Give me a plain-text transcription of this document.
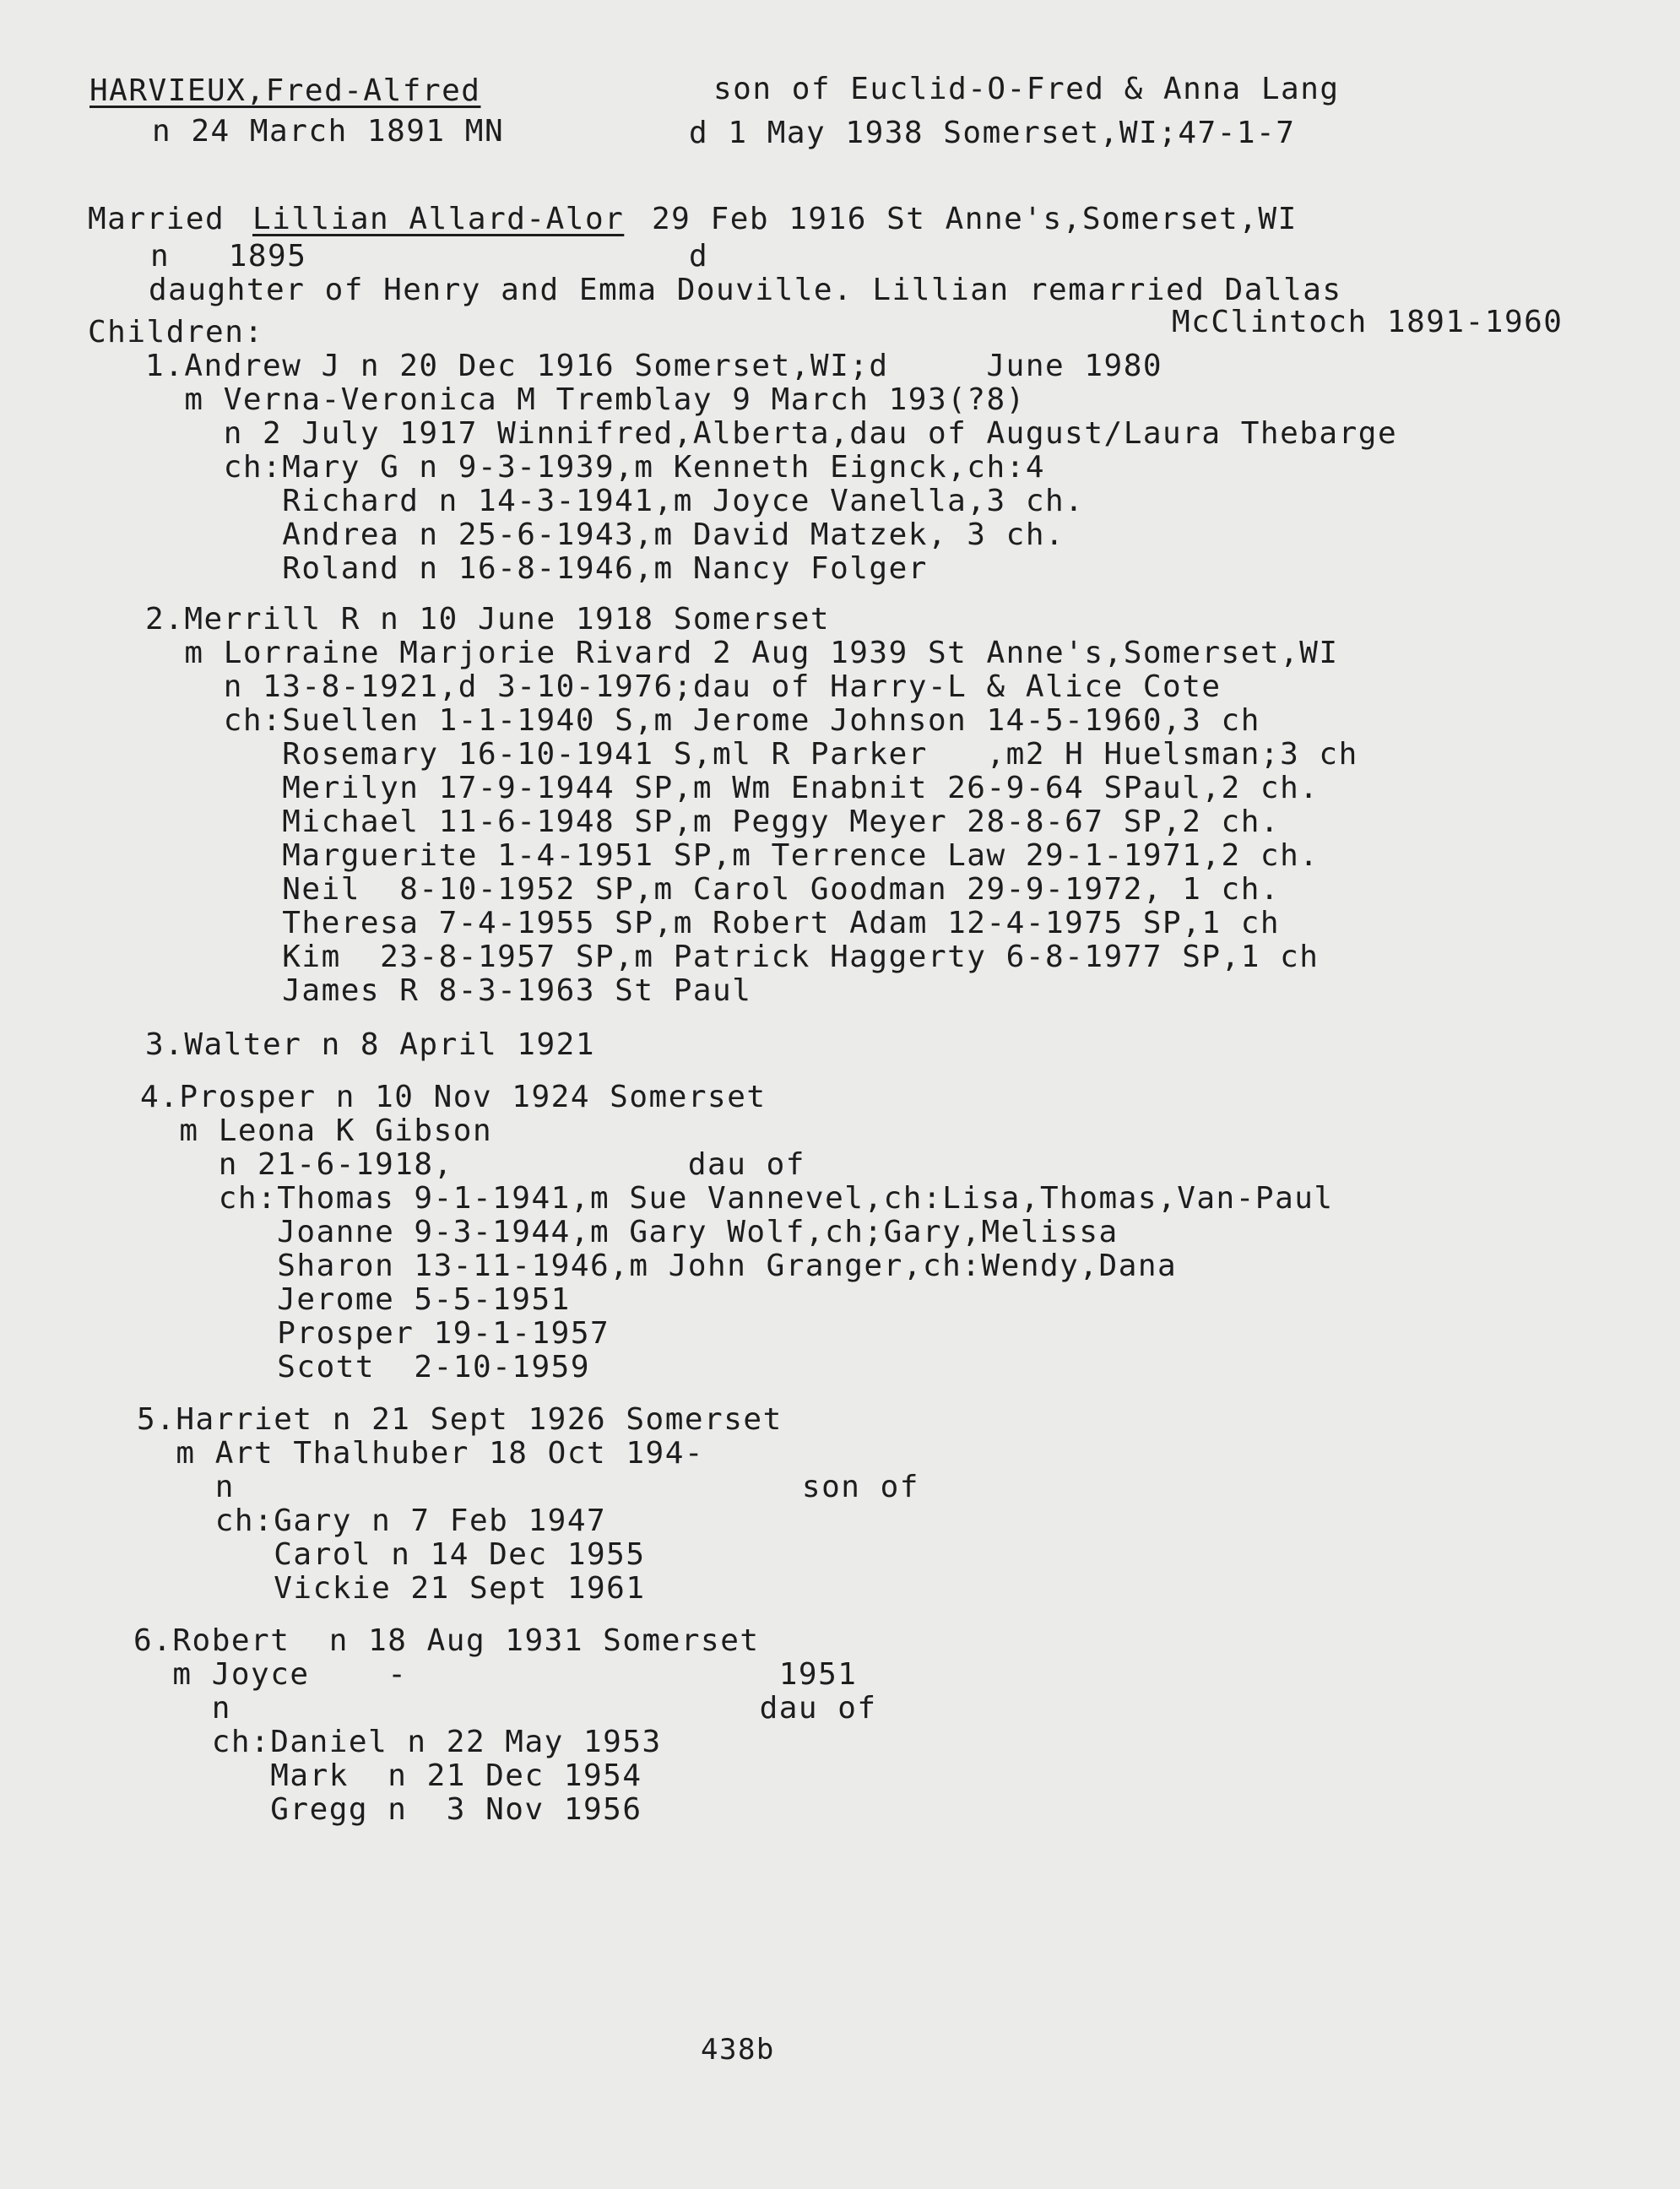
HARVIEUX,Fred-Alfred	son of Euclid-O-Fred & Anna Lang
n 24 March 1891 MN	d 1 May 1938 Somerset,WI;47-1-7
Married Lillian Allard-Alor 29 Feb 1916 St Anne's,Somerset,WI
n   1895	d
daughter of Henry and Emma Douville. Lillian remarried Dallas
McClintoch 1891-1960
Children:
1.Andrew J n 20 Dec 1916 Somerset,WI;d     June 1980
m Verna-Veronica M Tremblay 9 March 193(?8)
n 2 July 1917 Winnifred,Alberta,dau of August/Laura Thebarge
ch:Mary G n 9-3-1939,m Kenneth Eignck,ch:4
Richard n 14-3-1941,m Joyce Vanella,3 ch.
Andrea n 25-6-1943,m David Matzek, 3 ch.
Roland n 16-8-1946,m Nancy Folger
2.Merrill R n 10 June 1918 Somerset
m Lorraine Marjorie Rivard 2 Aug 1939 St Anne's,Somerset,WI
n 13-8-1921,d 3-10-1976;dau of Harry-L & Alice Cote
ch:Suellen 1-1-1940 S,m Jerome Johnson 14-5-1960,3 ch
Rosemary 16-10-1941 S,ml R Parker   ,m2 H Huelsman;3 ch
Merilyn 17-9-1944 SP,m Wm Enabnit 26-9-64 SPaul,2 ch.
Michael 11-6-1948 SP,m Peggy Meyer 28-8-67 SP,2 ch.
Marguerite 1-4-1951 SP,m Terrence Law 29-1-1971,2 ch.
Neil  8-10-1952 SP,m Carol Goodman 29-9-1972, 1 ch.
Theresa 7-4-1955 SP,m Robert Adam 12-4-1975 SP,1 ch
Kim  23-8-1957 SP,m Patrick Haggerty 6-8-1977 SP,1 ch
James R 8-3-1963 St Paul
3.Walter n 8 April 1921
4.Prosper n 10 Nov 1924 Somerset
m Leona K Gibson
n 21-6-1918,            dau of
ch:Thomas 9-1-1941,m Sue Vannevel,ch:Lisa,Thomas,Van-Paul
Joanne 9-3-1944,m Gary Wolf,ch;Gary,Melissa
Sharon 13-11-1946,m John Granger,ch:Wendy,Dana
Jerome 5-5-1951
Prosper 19-1-1957
Scott  2-10-1959
5.Harriet n 21 Sept 1926 Somerset
m Art Thalhuber 18 Oct 194-
n                             son of
ch:Gary n 7 Feb 1947
Carol n 14 Dec 1955
Vickie 21 Sept 1961
6.Robert  n 18 Aug 1931 Somerset
m Joyce    -                   1951
n                           dau of
ch:Daniel n 22 May 1953
Mark  n 21 Dec 1954
Gregg n  3 Nov 1956
438b
